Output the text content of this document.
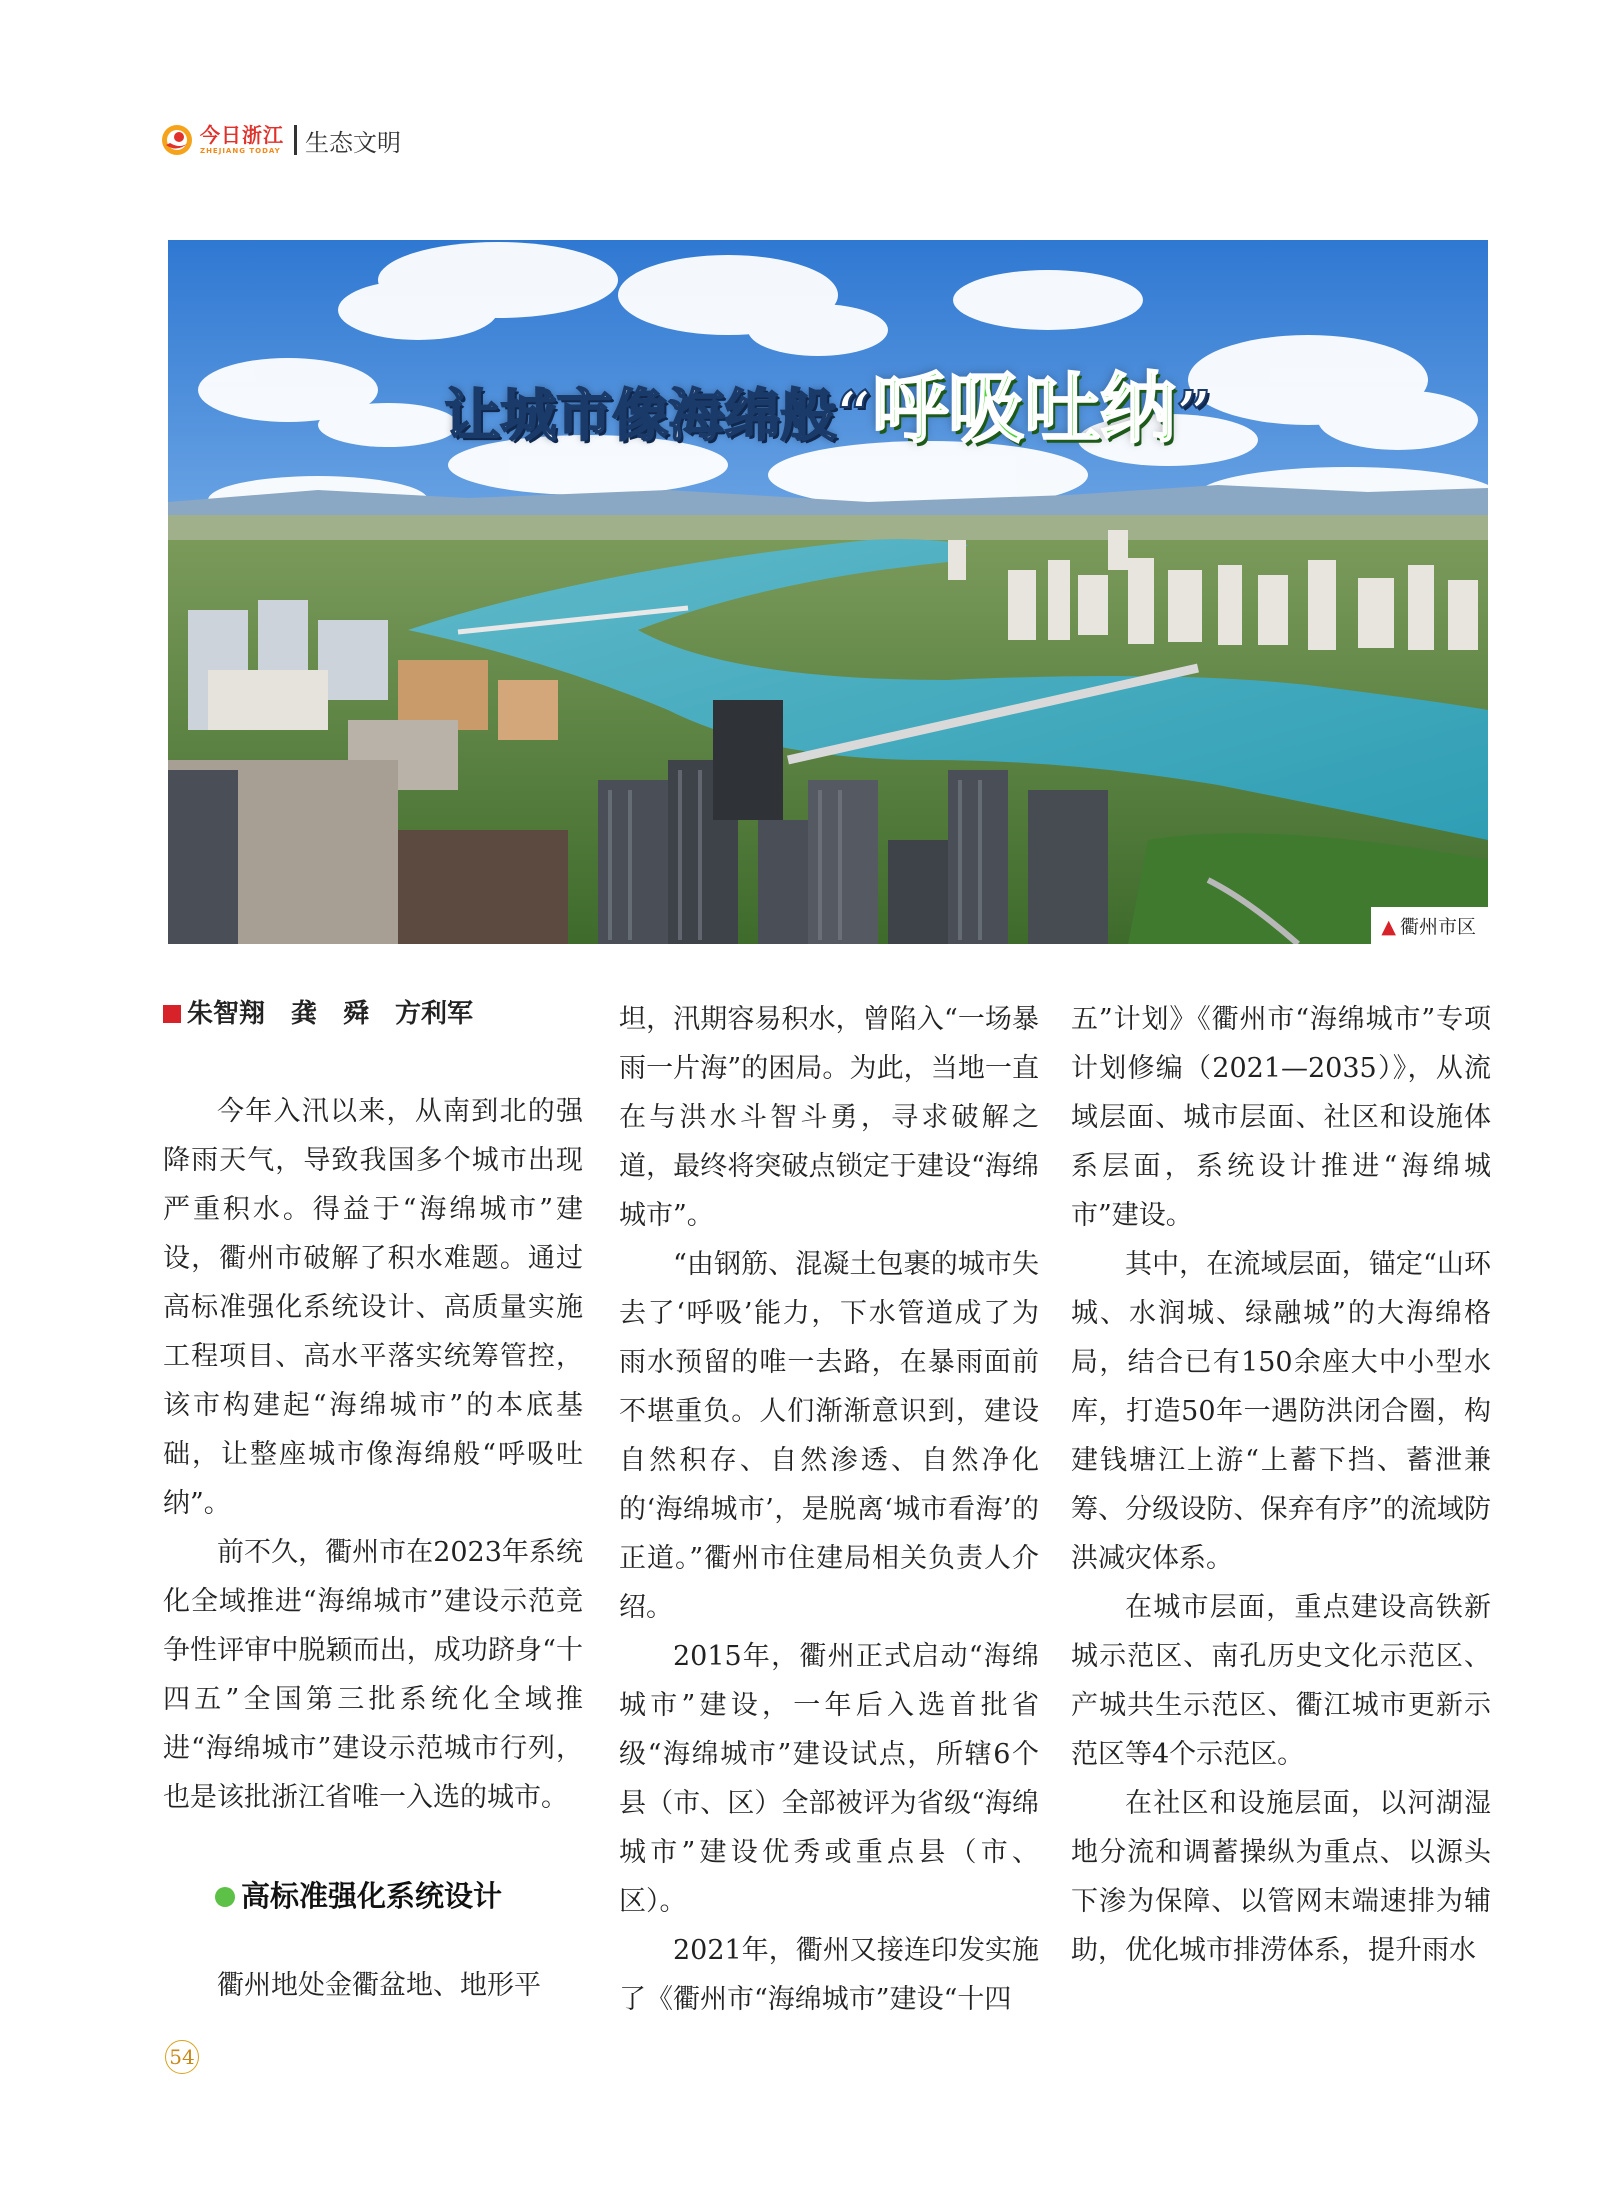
今日浙江
ZHEJIANG TODAY 生态文明
让城市像海绵般“呼吸吐纳”
▲ 衢州市区

朱智翔　龚　舜　方利军

今年入汛以来，从南到北的强降雨天气，导致我国多个城市出现严重积水。得益于“海绵城市”建设，衢州市破解了积水难题。通过高标准强化系统设计、高质量实施工程项目、高水平落实统筹管控，该市构建起“海绵城市”的本底基础，让整座城市像海绵般“呼吸吐纳”。

前不久，衢州市在2023年系统化全域推进“海绵城市”建设示范竞争性评审中脱颖而出，成功跻身“十四五”全国第三批系统化全域推进“海绵城市”建设示范城市行列，也是该批浙江省唯一入选的城市。

高标准强化系统设计

衢州地处金衢盆地、地形平

坦，汛期容易积水，曾陷入“一场暴雨一片海”的困局。为此，当地一直在与洪水斗智斗勇，寻求破解之道，最终将突破点锁定于建设“海绵城市”。

“由钢筋、混凝土包裹的城市失去了‘呼吸’能力，下水管道成了为雨水预留的唯一去路，在暴雨面前不堪重负。人们渐渐意识到，建设自然积存、自然渗透、自然净化的‘海绵城市’，是脱离‘城市看海’的正道。”衢州市住建局相关负责人介绍。

2015年，衢州正式启动“海绵城市”建设，一年后入选首批省级“海绵城市”建设试点，所辖6个县（市、区）全部被评为省级“海绵城市”建设优秀或重点县（市、区）。

2021年，衢州又接连印发实施了《衢州市“海绵城市”建设“十四

五”计划》《衢州市“海绵城市”专项计划修编（2021—2035）》，从流域层面、城市层面、社区和设施体系层面，系统设计推进“海绵城市”建设。

其中，在流域层面，锚定“山环城、水润城、绿融城”的大海绵格局，结合已有150余座大中小型水库，打造50年一遇防洪闭合圈，构建钱塘江上游“上蓄下挡、蓄泄兼筹、分级设防、保弃有序”的流域防洪减灾体系。

在城市层面，重点建设高铁新城示范区、南孔历史文化示范区、产城共生示范区、衢江城市更新示范区等4个示范区。

在社区和设施层面，以河湖湿地分流和调蓄操纵为重点、以源头下渗为保障、以管网末端速排为辅助，优化城市排涝体系，提升雨水

54
